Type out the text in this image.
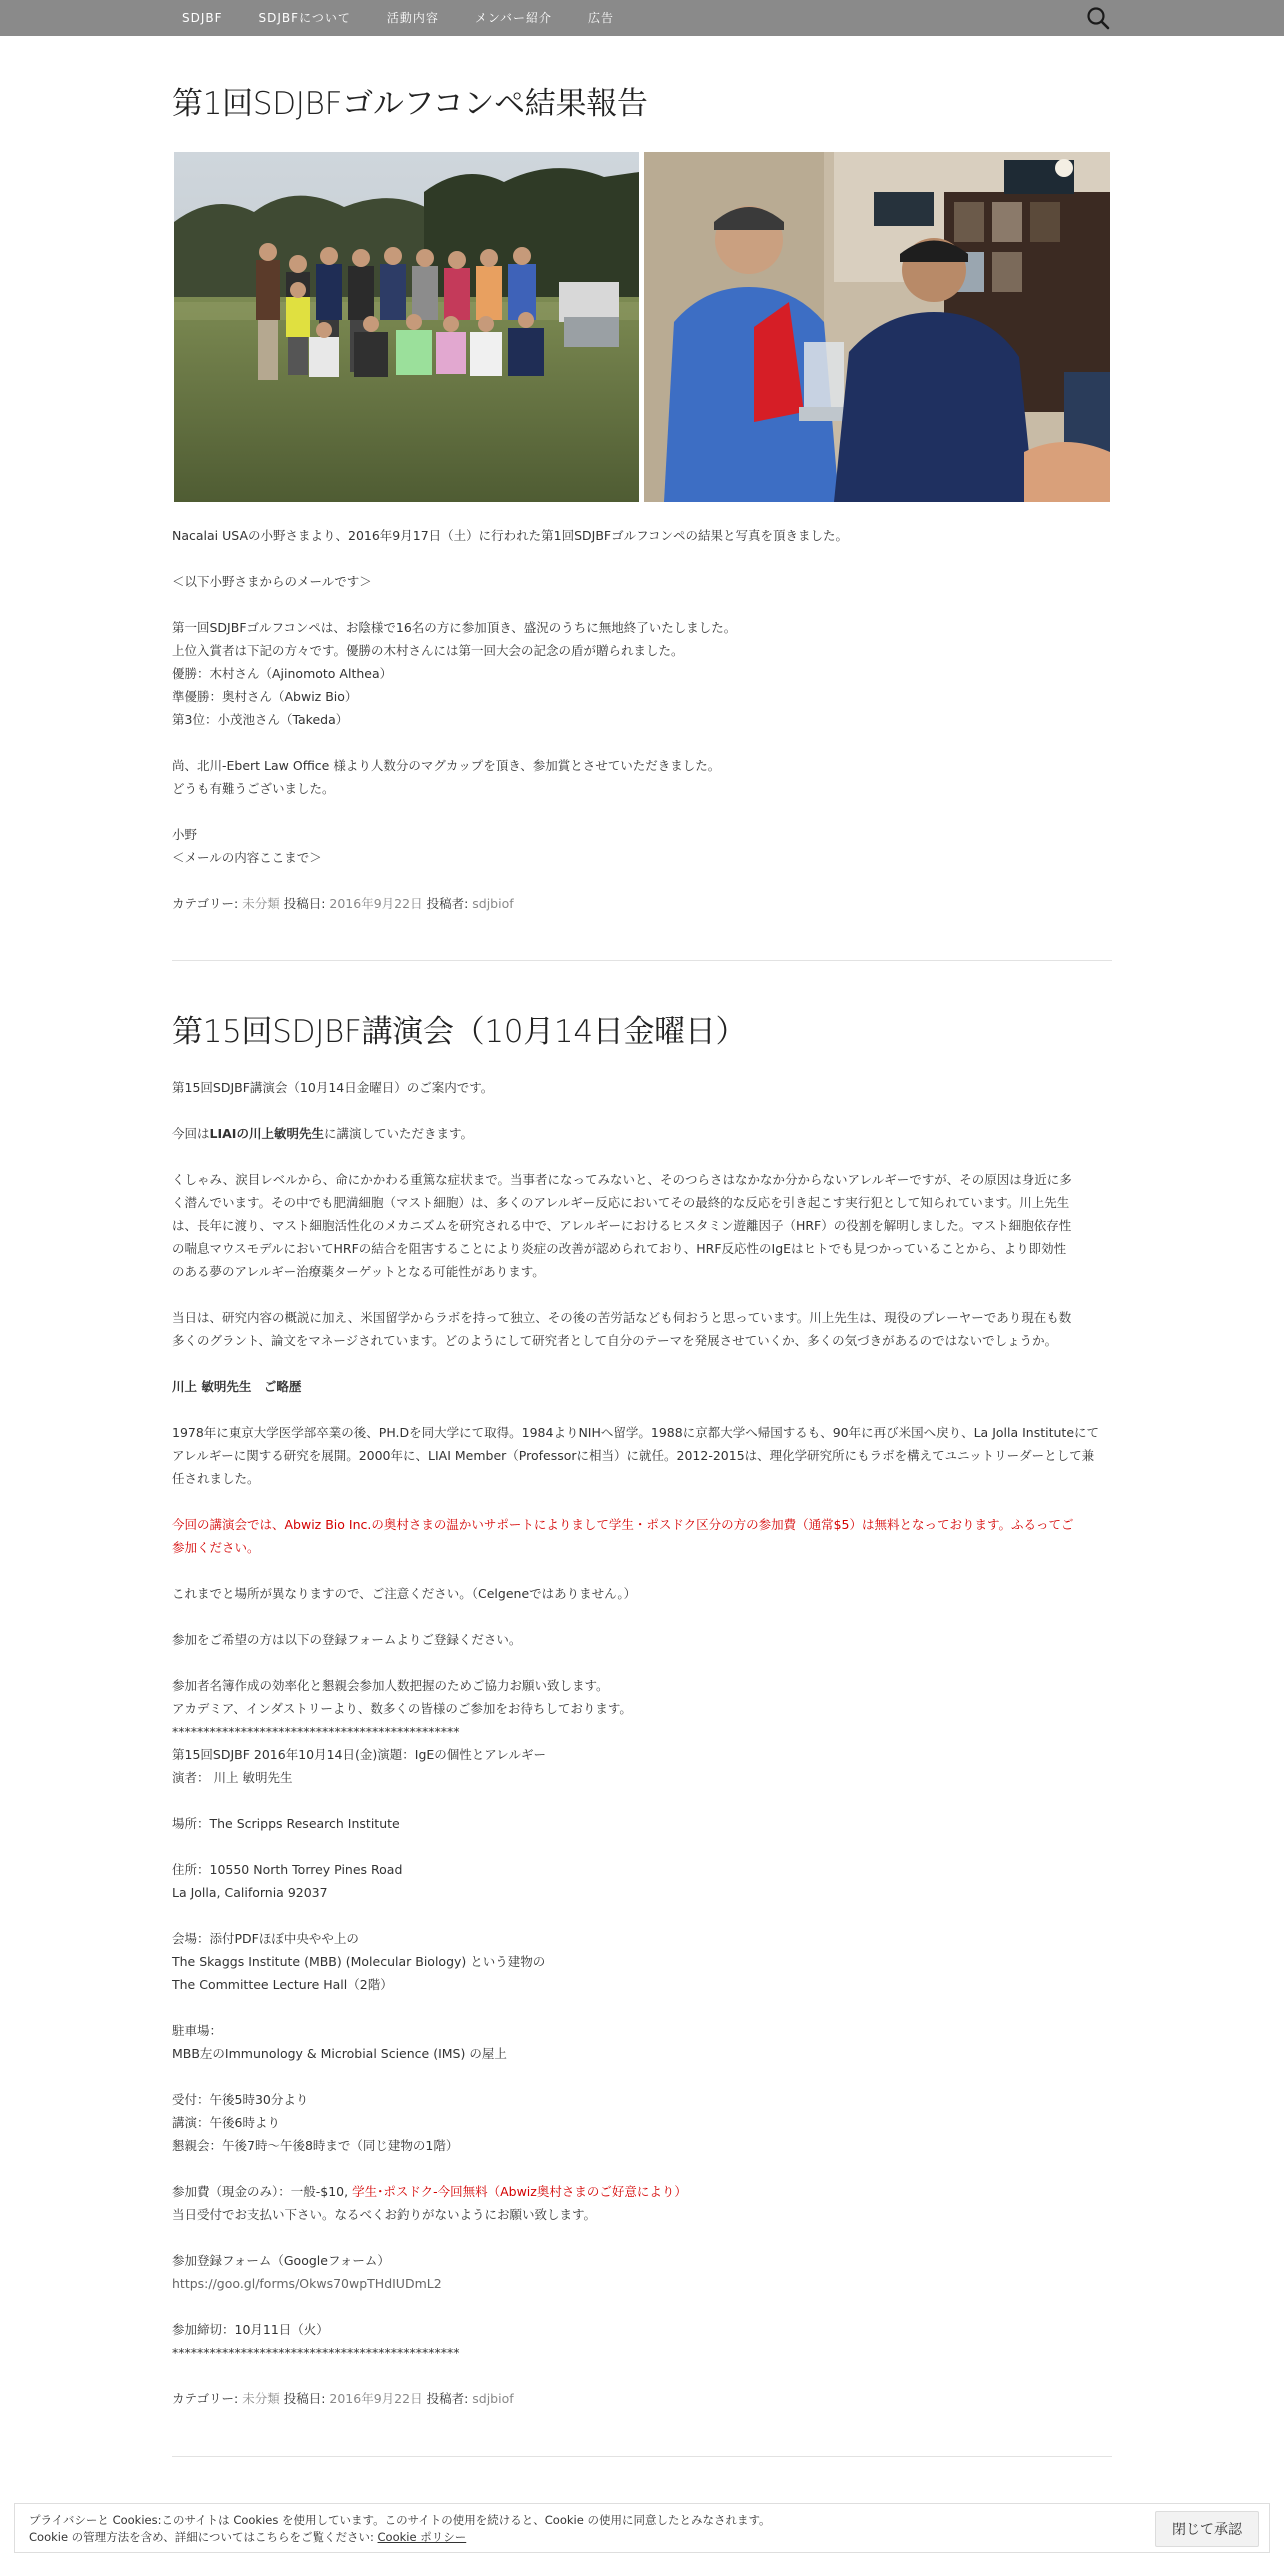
SDJBF	SDJBFについて	活動内容	メンバー紹介	広告
第1回SDJBFゴルフコンペ結果報告

Nacalai USAの小野さまより、2016年9月17日（土）に行われた第1回SDJBFゴルフコンペの結果と写真を頂きました。

＜以下小野さまからのメールです＞

第一回SDJBFゴルフコンペは、お陰様で16名の方に参加頂き、盛況のうちに無地終了いたしました。

上位入賞者は下記の方々です。優勝の木村さんには第一回大会の記念の盾が贈られました。

優勝：木村さん（Ajinomoto Althea）

準優勝：奥村さん（Abwiz Bio）

第3位：小茂池さん（Takeda）

尚、北川-Ebert Law Office 様より人数分のマグカップを頂き、参加賞とさせていただきました。

どうも有難うございました。

小野

＜メールの内容ここまで＞

カテゴリー: 未分類 投稿日: 2016年9月22日 投稿者: sdjbiof
第15回SDJBF講演会（10月14日金曜日）

第15回SDJBF講演会（10月14日金曜日）のご案内です。

今回はLIAIの川上敏明先生に講演していただきます。

くしゃみ、涙目レベルから、命にかかわる重篤な症状まで。当事者になってみないと、そのつらさはなかなか分からないアレルギーですが、その原因は身近に多

く潜んでいます。その中でも肥満細胞（マスト細胞）は、多くのアレルギー反応においてその最終的な反応を引き起こす実行犯として知られています。川上先生

は、長年に渡り、マスト細胞活性化のメカニズムを研究される中で、アレルギーにおけるヒスタミン遊離因子（HRF）の役割を解明しました。マスト細胞依存性

の喘息マウスモデルにおいてHRFの結合を阻害することにより炎症の改善が認められており、HRF反応性のIgEはヒトでも見つかっていることから、より即効性

のある夢のアレルギー治療薬ターゲットとなる可能性があります。

当日は、研究内容の概説に加え、米国留学からラボを持って独立、その後の苦労話なども伺おうと思っています。川上先生は、現役のプレーヤーであり現在も数

多くのグラント、論文をマネージされています。どのようにして研究者として自分のテーマを発展させていくか、多くの気づきがあるのではないでしょうか。

川上 敏明先生　ご略歴

1978年に東京大学医学部卒業の後、PH.Dを同大学にて取得。1984よりNIHへ留学。1988に京都大学へ帰国するも、90年に再び米国へ戻り、La Jolla Instituteにて

アレルギーに関する研究を展開。2000年に、LIAI Member（Professorに相当）に就任。2012-2015は、理化学研究所にもラボを構えてユニットリーダーとして兼

任されました。

今回の講演会では、Abwiz Bio Inc.の奥村さまの温かいサポートによりまして学生・ポスドク区分の方の参加費（通常$5）は無料となっております。ふるってご

参加ください。

これまでと場所が異なりますので、ご注意ください。（Celgeneではありません。）

参加をご希望の方は以下の登録フォームよりご登録ください。

参加者名簿作成の効率化と懇親会参加人数把握のためご協力お願い致します。

アカデミア、インダストリーより、数多くの皆様のご参加をお待ちしております。

**********************************************

第15回SDJBF 2016年10月14日(金)演題：IgEの個性とアレルギー

演者： 川上 敏明先生

場所：The Scripps Research Institute

住所：10550 North Torrey Pines Road

La Jolla, California 92037

会場：添付PDFほぼ中央やや上の

The Skaggs Institute (MBB) (Molecular Biology) という建物の

The Committee Lecture Hall（2階）

駐車場：

MBB左のImmunology & Microbial Science (IMS) の屋上

受付：午後5時30分より

講演：午後6時より

懇親会：午後7時～午後8時まで（同じ建物の1階）

参加費（現金のみ）：一般-$10, 学生･ポスドク-今回無料（Abwiz奥村さまのご好意により）

当日受付でお支払い下さい。なるべくお釣りがないようにお願い致します。

参加登録フォーム（Googleフォーム）

https://goo.gl/forms/Okws70wpTHdIUDmL2

参加締切：10月11日（火）

**********************************************

カテゴリー: 未分類 投稿日: 2016年9月22日 投稿者: sdjbiof
プライバシーと Cookies:このサイトは Cookies を使用しています。このサイトの使用を続けると、Cookie の使用に同意したとみなされます。
Cookie の管理方法を含め、詳細についてはこちらをご覧ください: Cookie ポリシー	閉じて承認
